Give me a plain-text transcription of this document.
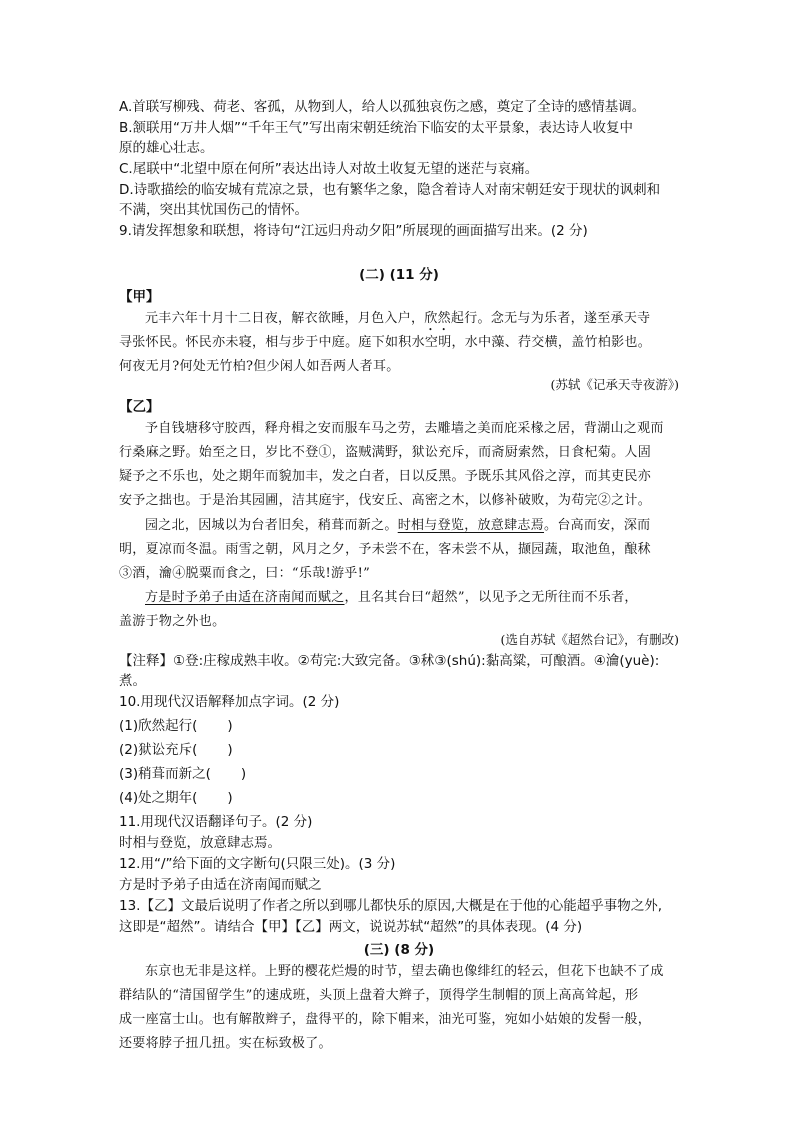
A.首联写柳残、荷老、客孤，从物到人，给人以孤独哀伤之感，奠定了全诗的感情基调。
B.颔联用“万井人烟”“千年王气”写出南宋朝廷统治下临安的太平景象，表达诗人收复中
原的雄心壮志。
C.尾联中“北望中原在何所”表达出诗人对故土收复无望的迷茫与哀痛。
D.诗歌描绘的临安城有荒凉之景，也有繁华之象，隐含着诗人对南宋朝廷安于现状的讽刺和
不满，突出其忧国伤己的情怀。
9.请发挥想象和联想，将诗句“江远归舟动夕阳”所展现的画面描写出来。(2 分)
(二) (11 分)
【甲】
元丰六年十月十二日夜，解衣欲睡，月色入户，欣然起行。念无与为乐者，遂至承天寺
寻张怀民。怀民亦未寝，相与步于中庭。庭下如积水空明，水中藻、荇交横，盖竹柏影也。
何夜无月?何处无竹柏?但少闲人如吾两人者耳。
(苏轼《记承天寺夜游》)
【乙】
予自钱塘移守胶西，释舟楫之安而服车马之劳，去雕墙之美而庇采椽之居，背湖山之观而
行桑麻之野。始至之日，岁比不登①，盗贼满野，狱讼充斥，而斋厨索然，日食杞菊。人固
疑予之不乐也，处之期年而貌加丰，发之白者，日以反黑。予既乐其风俗之淳，而其吏民亦
安予之拙也。于是治其园圃，洁其庭宇，伐安丘、高密之木，以修补破败，为苟完②之计。
园之北，因城以为台者旧矣，稍葺而新之。时相与登览，放意肆志焉。台高而安，深而
明，夏凉而冬温。雨雪之朝，风月之夕，予未尝不在，客未尝不从，撷园蔬，取池鱼，酿秫
③酒，瀹④脱粟而食之，曰：“乐哉!游乎!”
方是时予弟子由适在济南闻而赋之，且名其台曰“超然”，以见予之无所往而不乐者，
盖游于物之外也。
(选自苏轼《超然台记》，有删改)
【注释】①登:庄稼成熟丰收。②苟完:大致完备。③秫③(shú):黏高粱，可酿酒。④瀹(yuè):
煮。
10.用现代汉语解释加点字词。(2 分)
(1)欣然起行( )
(2)狱讼充斥( )
(3)稍葺而新之( )
(4)处之期年( )
11.用现代汉语翻译句子。(2 分)
时相与登览，放意肆志焉。
12.用“/”给下面的文字断句(只限三处)。(3 分)
方是时予弟子由适在济南闻而赋之
13.【乙】文最后说明了作者之所以到哪儿都快乐的原因,大概是在于他的心能超乎事物之外,
这即是“超然”。请结合【甲】【乙】两文，说说苏轼“超然”的具体表现。(4 分)
(三) (8 分)
东京也无非是这样。上野的樱花烂熳的时节，望去确也像绯红的轻云，但花下也缺不了成
群结队的“清国留学生”的速成班，头顶上盘着大辫子，顶得学生制帽的顶上高高耸起，形
成一座富士山。也有解散辫子，盘得平的，除下帽来，油光可鉴，宛如小姑娘的发髻一般，
还要将脖子扭几扭。实在标致极了。
